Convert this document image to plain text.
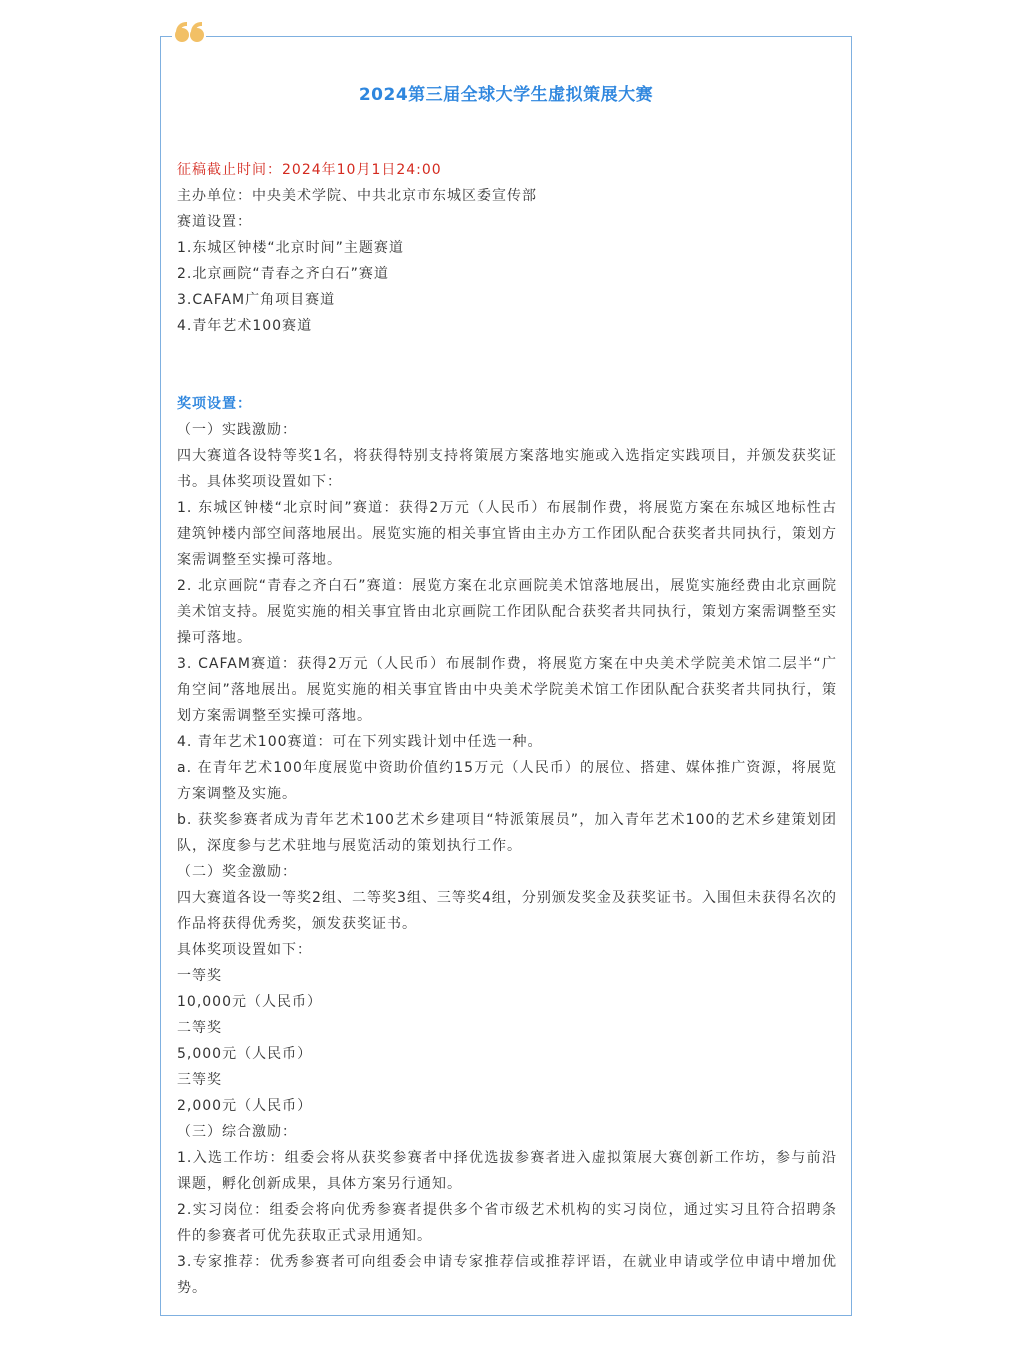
2024第三届全球大学生虚拟策展大赛

征稿截止时间：2024年10月1日24:00

主办单位：中央美术学院、中共北京市东城区委宣传部

赛道设置：

1.东城区钟楼“北京时间”主题赛道

2.北京画院“青春之齐白石”赛道

3.CAFAM广角项目赛道

4.青年艺术100赛道

奖项设置：

（一）实践激励：

四大赛道各设特等奖1名，将获得特别支持将策展方案落地实施或入选指定实践项目，并颁发获奖证书。具体奖项设置如下：

1. 东城区钟楼“北京时间”赛道：获得2万元（人民币）布展制作费，将展览方案在东城区地标性古建筑钟楼内部空间落地展出。展览实施的相关事宜皆由主办方工作团队配合获奖者共同执行，策划方案需调整至实操可落地。

2. 北京画院“青春之齐白石”赛道：展览方案在北京画院美术馆落地展出，展览实施经费由北京画院美术馆支持。展览实施的相关事宜皆由北京画院工作团队配合获奖者共同执行，策划方案需调整至实操可落地。

3. CAFAM赛道：获得2万元（人民币）布展制作费，将展览方案在中央美术学院美术馆二层半“广角空间”落地展出。展览实施的相关事宜皆由中央美术学院美术馆工作团队配合获奖者共同执行，策划方案需调整至实操可落地。

4. 青年艺术100赛道：可在下列实践计划中任选一种。

a. 在青年艺术100年度展览中资助价值约15万元（人民币）的展位、搭建、媒体推广资源，将展览方案调整及实施。

b. 获奖参赛者成为青年艺术100艺术乡建项目“特派策展员”，加入青年艺术100的艺术乡建策划团队，深度参与艺术驻地与展览活动的策划执行工作。

（二）奖金激励：

四大赛道各设一等奖2组、二等奖3组、三等奖4组，分别颁发奖金及获奖证书。入围但未获得名次的作品将获得优秀奖，颁发获奖证书。

具体奖项设置如下：

一等奖

10,000元（人民币）

二等奖

5,000元（人民币）

三等奖

2,000元（人民币）

（三）综合激励：

1.入选工作坊：组委会将从获奖参赛者中择优选拔参赛者进入虚拟策展大赛创新工作坊，参与前沿课题，孵化创新成果，具体方案另行通知。

2.实习岗位：组委会将向优秀参赛者提供多个省市级艺术机构的实习岗位，通过实习且符合招聘条件的参赛者可优先获取正式录用通知。

3.专家推荐：优秀参赛者可向组委会申请专家推荐信或推荐评语，在就业申请或学位申请中增加优势。
